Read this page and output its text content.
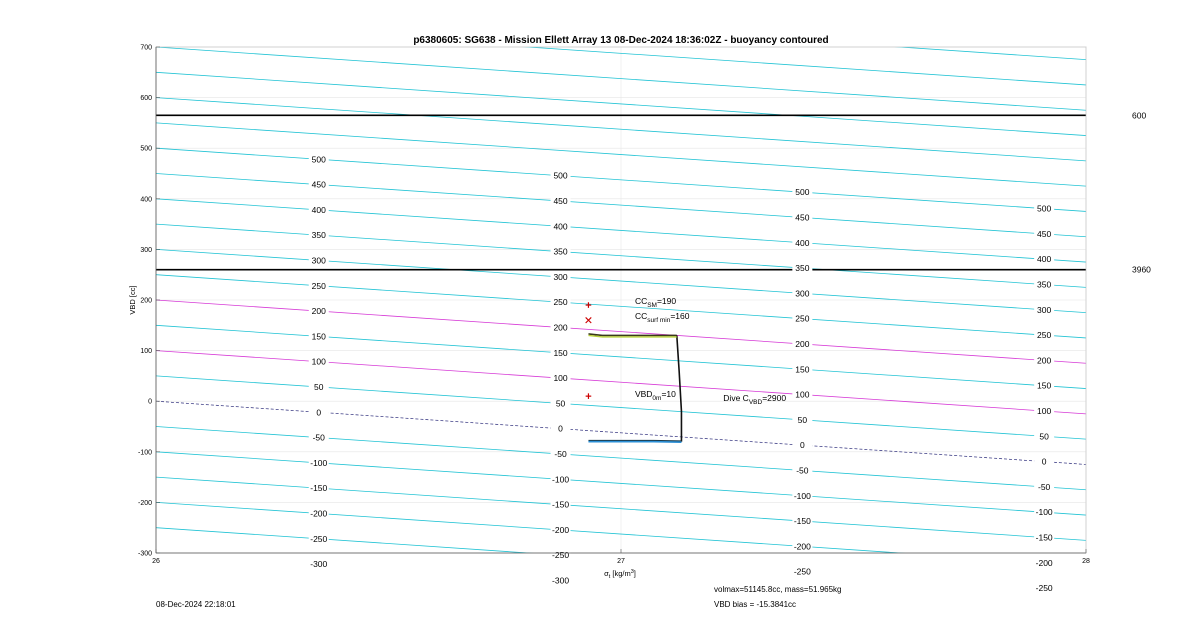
p6380605: SG638 - Mission Ellett Array 13 08-Dec-2024 18:36:02Z - buoyancy contoured
600
3960
500
450
400
350
300
250
200
150
100
50
0
-50
-100
-150
-200
-250
-300
500
450
400
350
300
250
200
150
100
50
0
-50
-100
-150
-200
-250
-300
500
450
400
350
300
250
200
150
100
50
0
-50
-100
-150
-200
-250
500
450
400
350
300
250
200
150
100
50
0
-50
-100
-150
-200
-250
$CC_{SM}=190$
$CC_{surf min}=160$
$VBD_{0m}=10$	Dive $C_{VBD}=2900$
-300
-200
-100
0
100
200
300
400
500
600
700
26	27	28
VBD [cc]
$\sigma_t$ $[kg/m^3]$
08-Dec-2024 22:18:01
volmax=51145.8cc, mass=51.965kg
VBD bias = -15.3841cc
